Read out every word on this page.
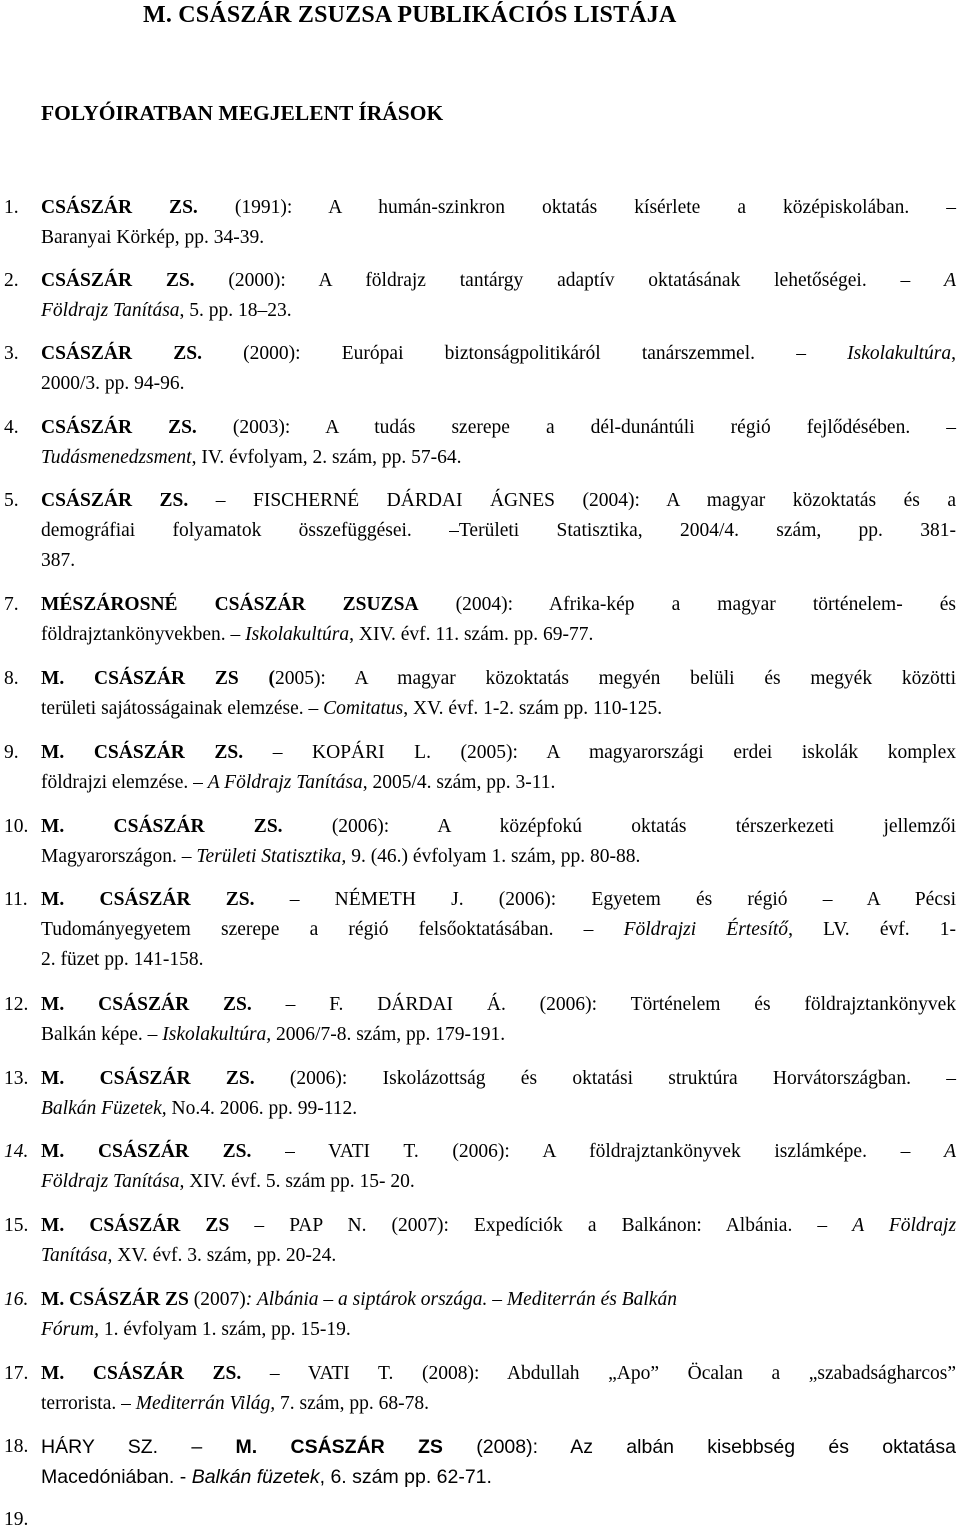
M. CSÁSZÁR ZSUZSA PUBLIKÁCIÓS LISTÁJA
FOLYÓIRATBAN MEGJELENT ÍRÁSOK
1. CSÁSZÁR ZS. (1991): A humán-szinkron oktatás kísérlete a középiskolában. –
Baranyai Körkép, pp. 34-39.
2. CSÁSZÁR ZS. (2000): A földrajz tantárgy adaptív oktatásának lehetőségei. – A
Földrajz Tanítása, 5. pp. 18–23.
3. CSÁSZÁR ZS. (2000): Európai biztonságpolitikáról tanárszemmel. – Iskolakultúra,
2000/3. pp. 94-96.
4. CSÁSZÁR ZS. (2003): A tudás szerepe a dél-dunántúli régió fejlődésében. –
Tudásmenedzsment, IV. évfolyam, 2. szám, pp. 57-64.
5. CSÁSZÁR ZS. – FISCHERNÉ DÁRDAI ÁGNES (2004): A magyar közoktatás és a
demográfiai folyamatok összefüggései. –Területi Statisztika, 2004/4. szám, pp. 381-
387.
7. MÉSZÁROSNÉ CSÁSZÁR ZSUZSA (2004): Afrika-kép a magyar történelem- és
földrajztankönyvekben. – Iskolakultúra, XIV. évf. 11. szám. pp. 69-77.
8. M. CSÁSZÁR ZS (2005): A magyar közoktatás megyén belüli és megyék közötti
területi sajátosságainak elemzése. – Comitatus, XV. évf. 1-2. szám pp. 110-125.
9. M. CSÁSZÁR ZS. – KOPÁRI L. (2005): A magyarországi erdei iskolák komplex
földrajzi elemzése. – A Földrajz Tanítása, 2005/4. szám, pp. 3-11.
10. M. CSÁSZÁR ZS.	(2006): A középfokú oktatás térszerkezeti jellemzői
Magyarországon. – Területi Statisztika, 9. (46.) évfolyam 1. szám, pp. 80-88.
11. M. CSÁSZÁR ZS. – NÉMETH J. (2006): Egyetem és régió – A Pécsi
Tudományegyetem szerepe a régió felsőoktatásában. – Földrajzi Értesítő, LV. évf. 1-
2. füzet pp. 141-158.
12. M. CSÁSZÁR ZS. – F. DÁRDAI Á. (2006): Történelem és földrajztankönyvek
Balkán képe. – Iskolakultúra, 2006/7-8. szám, pp. 179-191.
13. M. CSÁSZÁR ZS. (2006): Iskolázottság és oktatási struktúra Horvátországban. –
Balkán Füzetek, No.4. 2006. pp. 99-112.
14. M. CSÁSZÁR ZS. – VATI T. (2006): A földrajztankönyvek iszlámképe. – A
Földrajz Tanítása, XIV. évf. 5. szám pp. 15- 20.
15. M. CSÁSZÁR ZS – PAP N. (2007): Expedíciók a Balkánon: Albánia. – A Földrajz
Tanítása, XV. évf. 3. szám, pp. 20-24.
16. M. CSÁSZÁR ZS (2007): Albánia – a siptárok országa. – Mediterrán és Balkán
Fórum, 1. évfolyam 1. szám, pp. 15-19.
17. M. CSÁSZÁR ZS. – VATI T. (2008): Abdullah „Apo” Öcalan a „szabadságharcos”
terrorista. – Mediterrán Világ, 7. szám, pp. 68-78.
18. HÁRY SZ. – M. CSÁSZÁR ZS (2008): Az albán kisebbség és oktatása
Macedóniában. - Balkán füzetek, 6. szám pp. 62-71.
19.
